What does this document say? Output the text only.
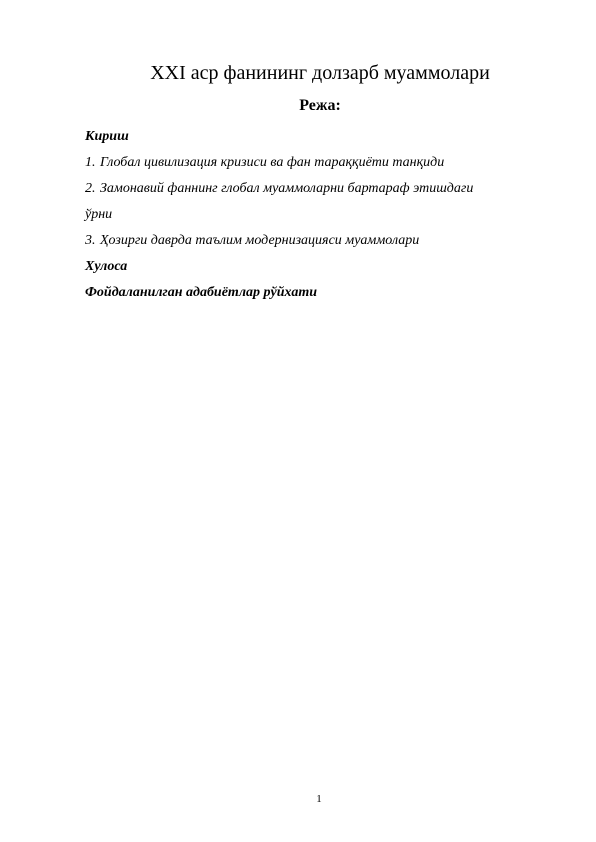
XXI аср фанининг долзарб муаммолари
Режа:
Кириш
1. Глобал цивилизация кризиси ва фан тараққиёти танқиди
2. Замонавий фаннинг глобал муаммоларни бартараф этишдаги
ўрни
3. Ҳозирги даврда таълим модернизацияси муаммолари
Хулоса
Фойдаланилган адабиётлар рўйхати
1
